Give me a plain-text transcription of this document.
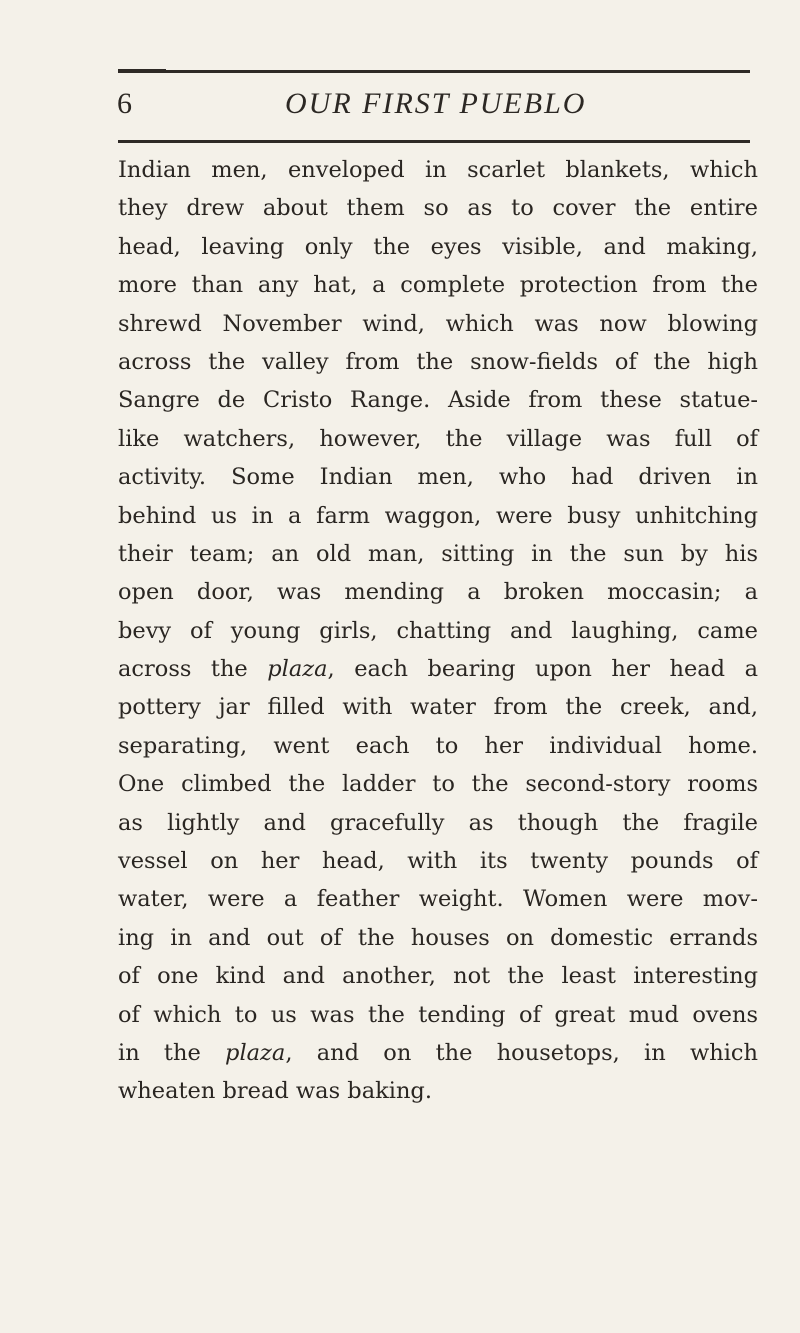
6	OUR FIRST PUEBLO
Indian men, enveloped in scarlet blankets, which
they drew about them so as to cover the entire
head, leaving only the eyes visible, and making,
more than any hat, a complete protection from the
shrewd November wind, which was now blowing
across the valley from the snow-fields of the high
Sangre de Cristo Range. Aside from these statue-
like watchers, however, the village was full of
activity. Some Indian men, who had driven in
behind us in a farm waggon, were busy unhitching
their team; an old man, sitting in the sun by his
open door, was mending a broken moccasin; a
bevy of young girls, chatting and laughing, came
across the plaza, each bearing upon her head a
pottery jar filled with water from the creek, and,
separating, went each to her individual home.
One climbed the ladder to the second-story rooms
as lightly and gracefully as though the fragile
vessel on her head, with its twenty pounds of
water, were a feather weight. Women were mov-
ing in and out of the houses on domestic errands
of one kind and another, not the least interesting
of which to us was the tending of great mud ovens
in the plaza, and on the housetops, in which
wheaten bread was baking.
